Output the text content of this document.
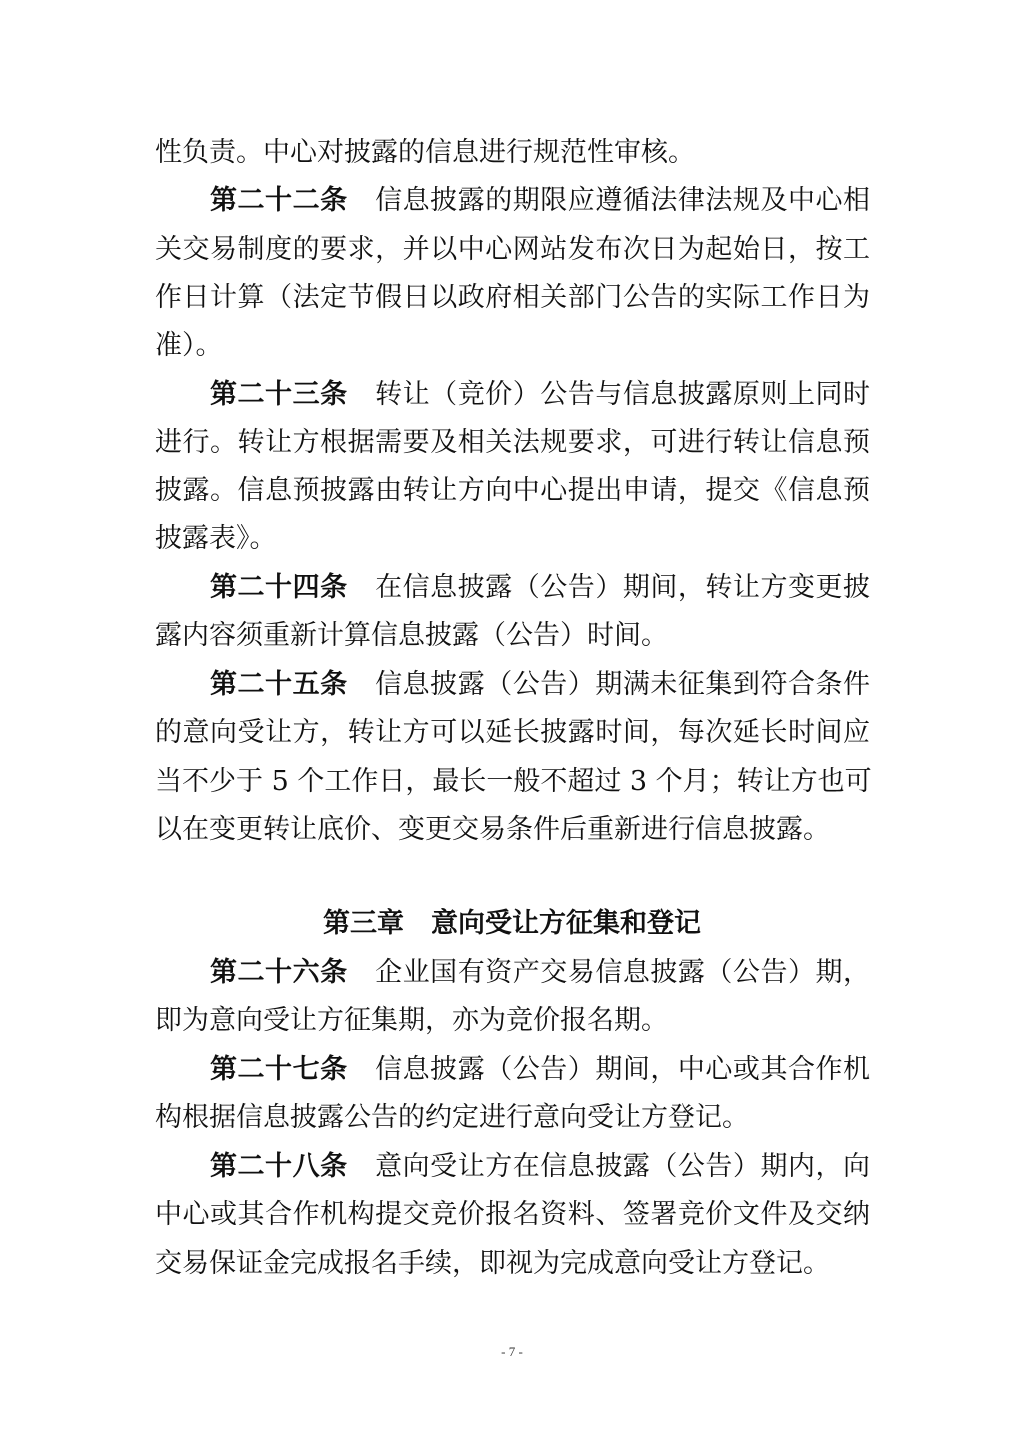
性负责。中心对披露的信息进行规范性审核。
第二十二条　 信息披露的期限应遵循法律法规及中心相
关交易制度的要求，并以中心网站发布次日为起始日，按工
作日计算（法定节假日以政府相关部门公告的实际工作日为
准）。
第二十三条　 转让（竞价）公告与信息披露原则上同时
进行。转让方根据需要及相关法规要求，可进行转让信息预
披露。信息预披露由转让方向中心提出申请，提交《信息预
披露表》。
第二十四条　 在信息披露（公告）期间，转让方变更披
露内容须重新计算信息披露（公告）时间。
第二十五条　 信息披露（公告）期满未征集到符合条件
的意向受让方，转让方可以延长披露时间，每次延长时间应
当不少于 5 个工作日，最长一般不超过 3 个月；转让方也可
以在变更转让底价、变更交易条件后重新进行信息披露。
第三章　意向受让方征集和登记
第二十六条　 企业国有资产交易信息披露（公告）期，
即为意向受让方征集期，亦为竞价报名期。
第二十七条　 信息披露（公告）期间，中心或其合作机
构根据信息披露公告的约定进行意向受让方登记。
第二十八条　 意向受让方在信息披露（公告）期内，向
中心或其合作机构提交竞价报名资料、签署竞价文件及交纳
交易保证金完成报名手续，即视为完成意向受让方登记。
- 7 -
